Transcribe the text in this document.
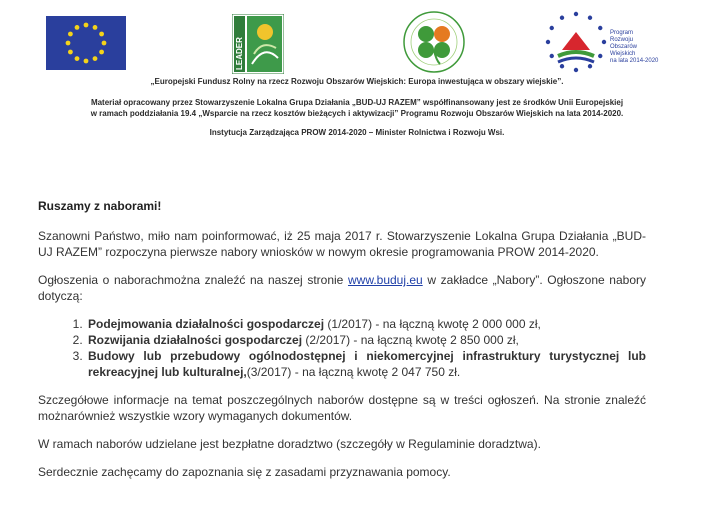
LEADER
Program
Rozwoju
Obszarów
Wiejskich
na lata 2014-2020

„Europejski Fundusz Rolny na rzecz Rozwoju Obszarów Wiejskich: Europa inwestująca w obszary wiejskie”.

Materiał opracowany przez Stowarzyszenie Lokalna Grupa Działania „BUD-UJ RAZEM” współfinansowany jest ze środków Unii Europejskiej

w ramach poddziałania 19.4 „Wsparcie na rzecz kosztów bieżących i aktywizacji” Programu Rozwoju Obszarów Wiejskich na lata 2014-2020.

Instytucja Zarządzająca PROW 2014-2020 – Minister Rolnictwa i Rozwoju Wsi.

Ruszamy z naborami!

Szanowni Państwo, miło nam poinformować, iż 25 maja 2017 r. Stowarzyszenie Lokalna Grupa Działania „BUD-UJ RAZEM” rozpoczyna pierwsze nabory wniosków w nowym okresie programowania PROW 2014-2020.

Ogłoszenia o naborachmożna znaleźć na naszej stronie www.buduj.eu w zakładce „Nabory”. Ogłoszone nabory dotyczą:

1. Podejmowania działalności gospodarczej (1/2017) - na łączną kwotę 2 000 000 zł,
2. Rozwijania działalności gospodarczej (2/2017) - na łączną kwotę 2 850 000 zł,
3. Budowy lub przebudowy ogólnodostępnej i niekomercyjnej infrastruktury turystycznej lub rekreacyjnej lub kulturalnej,(3/2017) - na łączną kwotę 2 047 750 zł.

Szczegółowe informacje na temat poszczególnych naborów dostępne są w treści ogłoszeń. Na stronie znaleźć możnarównież wszystkie wzory wymaganych dokumentów.

W ramach naborów udzielane jest bezpłatne doradztwo (szczegóły w Regulaminie doradztwa).

Serdecznie zachęcamy do zapoznania się z zasadami przyznawania pomocy.
